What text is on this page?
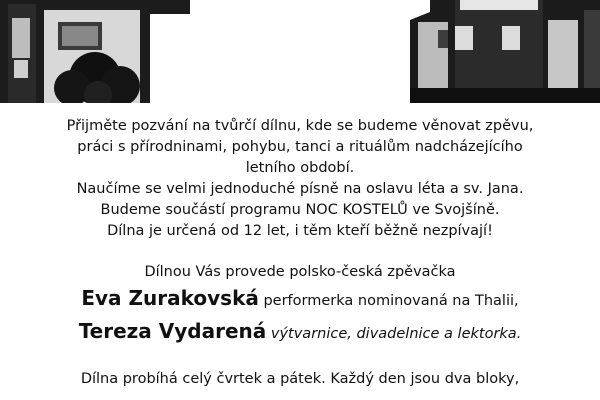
Přijměte pozvání na tvůrčí dílnu, kde se budeme věnovat zpěvu,
práci s přírodninami, pohybu, tanci a rituálům nadcházejícího
letního období.
Naučíme se velmi jednoduché písně na oslavu léta a sv. Jana.
Budeme součástí programu NOC KOSTELŮ ve Svojšíně.
Dílna je určená od 12 let, i těm kteří běžně nezpívají!
Dílnou Vás provede polsko-česká zpěvačka
Eva Zurakovská performerka nominovaná na Thalii,
Tereza Vydarená výtvarnice, divadelnice a lektorka.
Dílna probíhá celý čvrtek a pátek. Každý den jsou dva bloky,
